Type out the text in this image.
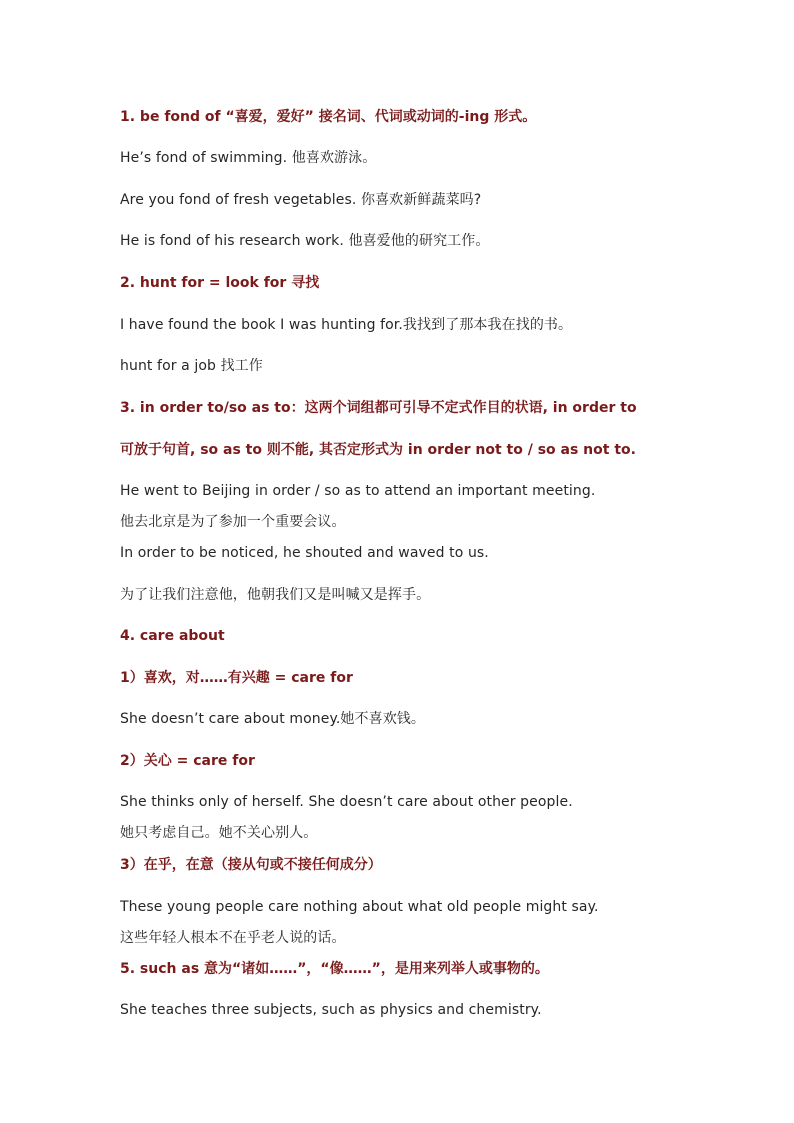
1. be fond of “喜爱，爱好” 接名词、代词或动词的-ing 形式。
He’s fond of swimming. 他喜欢游泳。
Are you fond of fresh vegetables. 你喜欢新鲜蔬菜吗?
He is fond of his research work. 他喜爱他的研究工作。
2. hunt for = look for 寻找
I have found the book I was hunting for.我找到了那本我在找的书。
hunt for a job 找工作
3. in order to/so as to：这两个词组都可引导不定式作目的状语, in order to
可放于句首, so as to 则不能, 其否定形式为 in order not to / so as not to.
He went to Beijing in order / so as to attend an important meeting.
他去北京是为了参加一个重要会议。
In order to be noticed, he shouted and waved to us.
为了让我们注意他，他朝我们又是叫喊又是挥手。
4. care about
1）喜欢，对……有兴趣 = care for
She doesn’t care about money.她不喜欢钱。
2）关心 = care for
She thinks only of herself. She doesn’t care about other people.
她只考虑自己。她不关心别人。
3）在乎，在意（接从句或不接任何成分）
These young people care nothing about what old people might say.
这些年轻人根本不在乎老人说的话。
5. such as 意为“诸如……”，“像……”，是用来列举人或事物的。
She teaches three subjects, such as physics and chemistry.
